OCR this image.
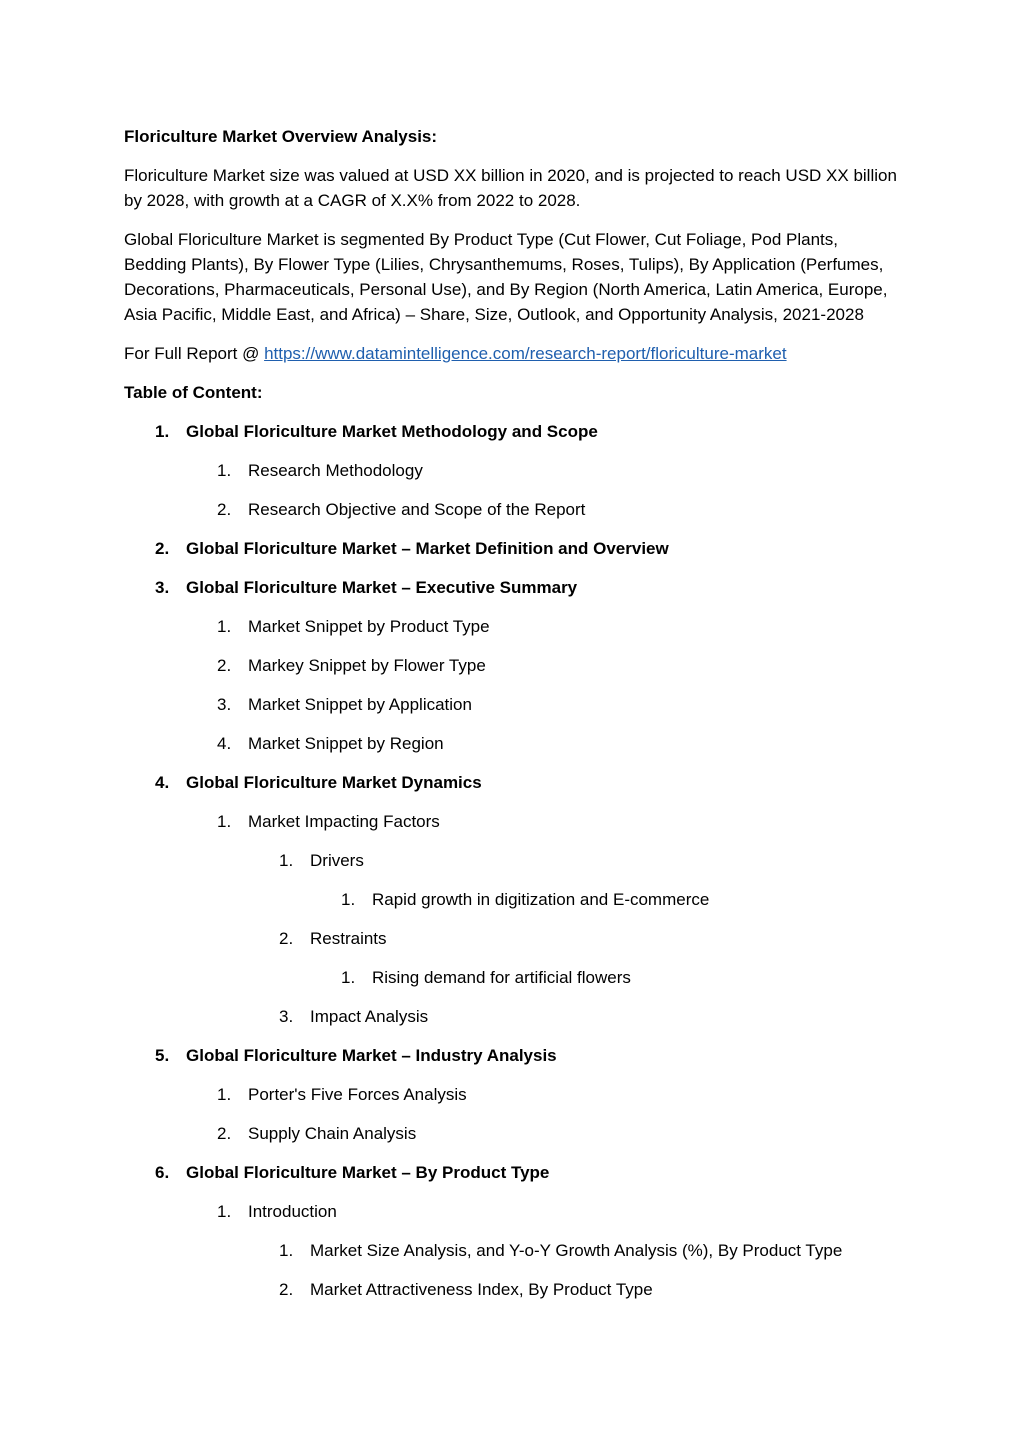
Floriculture Market Overview Analysis:
Floriculture Market size was valued at USD XX billion in 2020, and is projected to reach USD XX billion by 2028, with growth at a CAGR of X.X% from 2022 to 2028.
Global Floriculture Market is segmented By Product Type (Cut Flower, Cut Foliage, Pod Plants, Bedding Plants), By Flower Type (Lilies, Chrysanthemums, Roses, Tulips), By Application (Perfumes, Decorations, Pharmaceuticals, Personal Use), and By Region (North America, Latin America, Europe, Asia Pacific, Middle East, and Africa) – Share, Size, Outlook, and Opportunity Analysis, 2021-2028
For Full Report @ https://www.datamintelligence.com/research-report/floriculture-market
Table of Content:
1. Global Floriculture Market Methodology and Scope
1. Research Methodology
2. Research Objective and Scope of the Report
2. Global Floriculture Market – Market Definition and Overview
3. Global Floriculture Market – Executive Summary
1. Market Snippet by Product Type
2. Markey Snippet by Flower Type
3. Market Snippet by Application
4. Market Snippet by Region
4. Global Floriculture Market Dynamics
1. Market Impacting Factors
1. Drivers
1. Rapid growth in digitization and E-commerce
2. Restraints
1. Rising demand for artificial flowers
3. Impact Analysis
5. Global Floriculture Market – Industry Analysis
1. Porter's Five Forces Analysis
2. Supply Chain Analysis
6. Global Floriculture Market – By Product Type
1. Introduction
1. Market Size Analysis, and Y-o-Y Growth Analysis (%), By Product Type
2. Market Attractiveness Index, By Product Type
